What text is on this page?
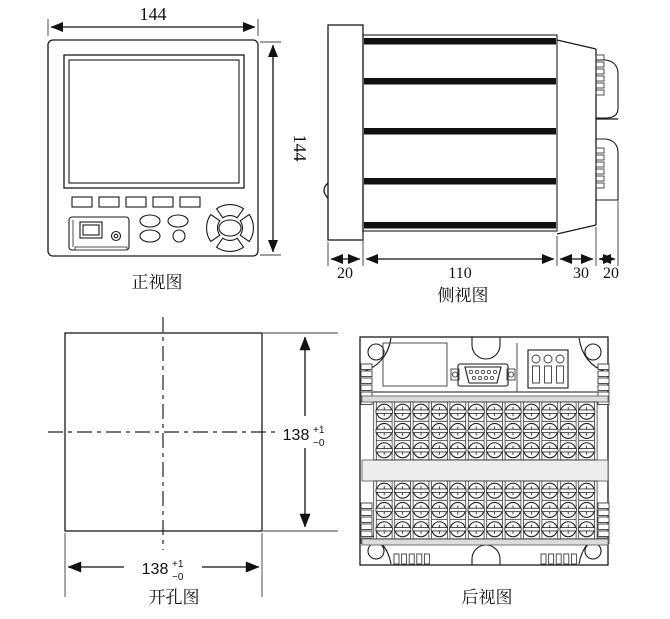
144
144
正视图	20	110	30 20
侧视图
138 +1
−0
138 +1
−0
开孔图	后视图
